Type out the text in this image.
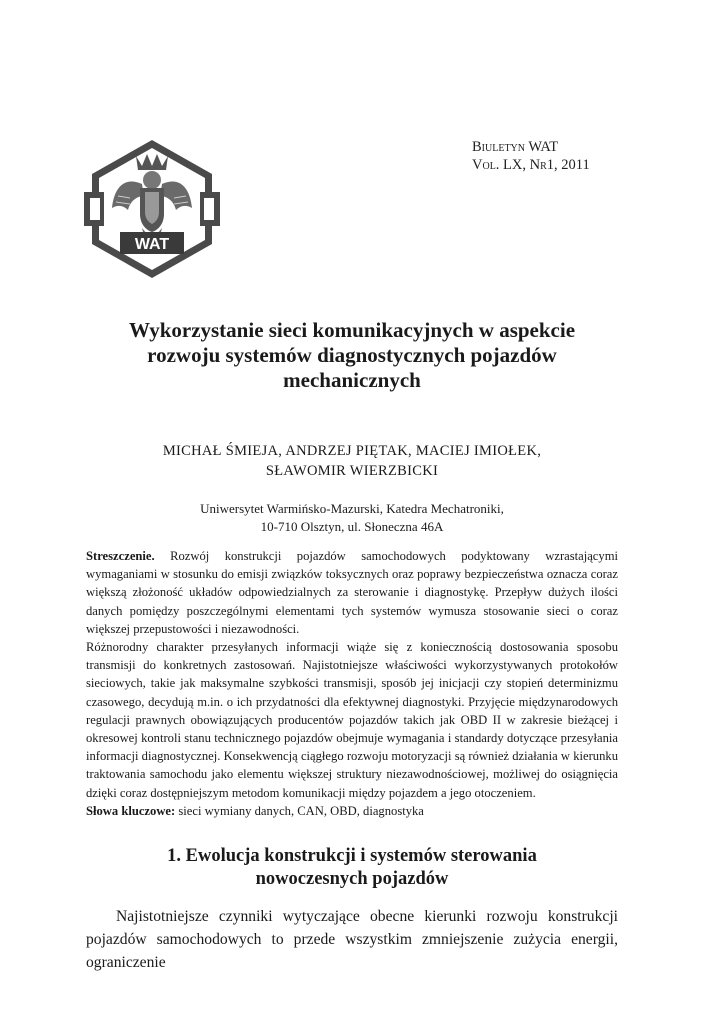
WAT
Biuletyn WAT
Vol. LX, Nr1, 2011
Wykorzystanie sieci komunikacyjnych w aspekcie
rozwoju systemów diagnostycznych pojazdów
mechanicznych
MICHAŁ ŚMIEJA, ANDRZEJ PIĘTAK, MACIEJ IMIOŁEK,
SŁAWOMIR WIERZBICKI
Uniwersytet Warmińsko-Mazurski, Katedra Mechatroniki,
10-710 Olsztyn, ul. Słoneczna 46A

Streszczenie. Rozwój konstrukcji pojazdów samochodowych podyktowany wzrastającymi wymaganiami w stosunku do emisji związków toksycznych oraz poprawy bezpieczeństwa oznacza coraz większą złożoność układów odpowiedzialnych za sterowanie i diagnostykę. Przepływ dużych ilości danych pomiędzy poszczególnymi elementami tych systemów wymusza stosowanie sieci o coraz większej przepustowości i niezawodności.

Różnorodny charakter przesyłanych informacji wiąże się z koniecznością dostosowania sposobu transmisji do konkretnych zastosowań. Najistotniejsze właściwości wykorzystywanych protokołów sieciowych, takie jak maksymalne szybkości transmisji, sposób jej inicjacji czy stopień determinizmu czasowego, decydują m.in. o ich przydatności dla efektywnej diagnostyki. Przyjęcie międzynarodowych regulacji prawnych obowiązujących producentów pojazdów takich jak OBD II w zakresie bieżącej i okresowej kontroli stanu technicznego pojazdów obejmuje wymagania i standardy dotyczące przesyłania informacji diagnostycznej. Konsekwencją ciągłego rozwoju motoryzacji są również działania w kierunku traktowania samochodu jako elementu większej struktury niezawodnościowej, możliwej do osiągnięcia dzięki coraz dostępniejszym metodom komunikacji między pojazdem a jego otoczeniem.

Słowa kluczowe: sieci wymiany danych, CAN, OBD, diagnostyka

1. Ewolucja konstrukcji i systemów sterowania
nowoczesnych pojazdów

Najistotniejsze czynniki wytyczające obecne kierunki rozwoju konstrukcji pojazdów samochodowych to przede wszystkim zmniejszenie zużycia energii, ograniczenie
